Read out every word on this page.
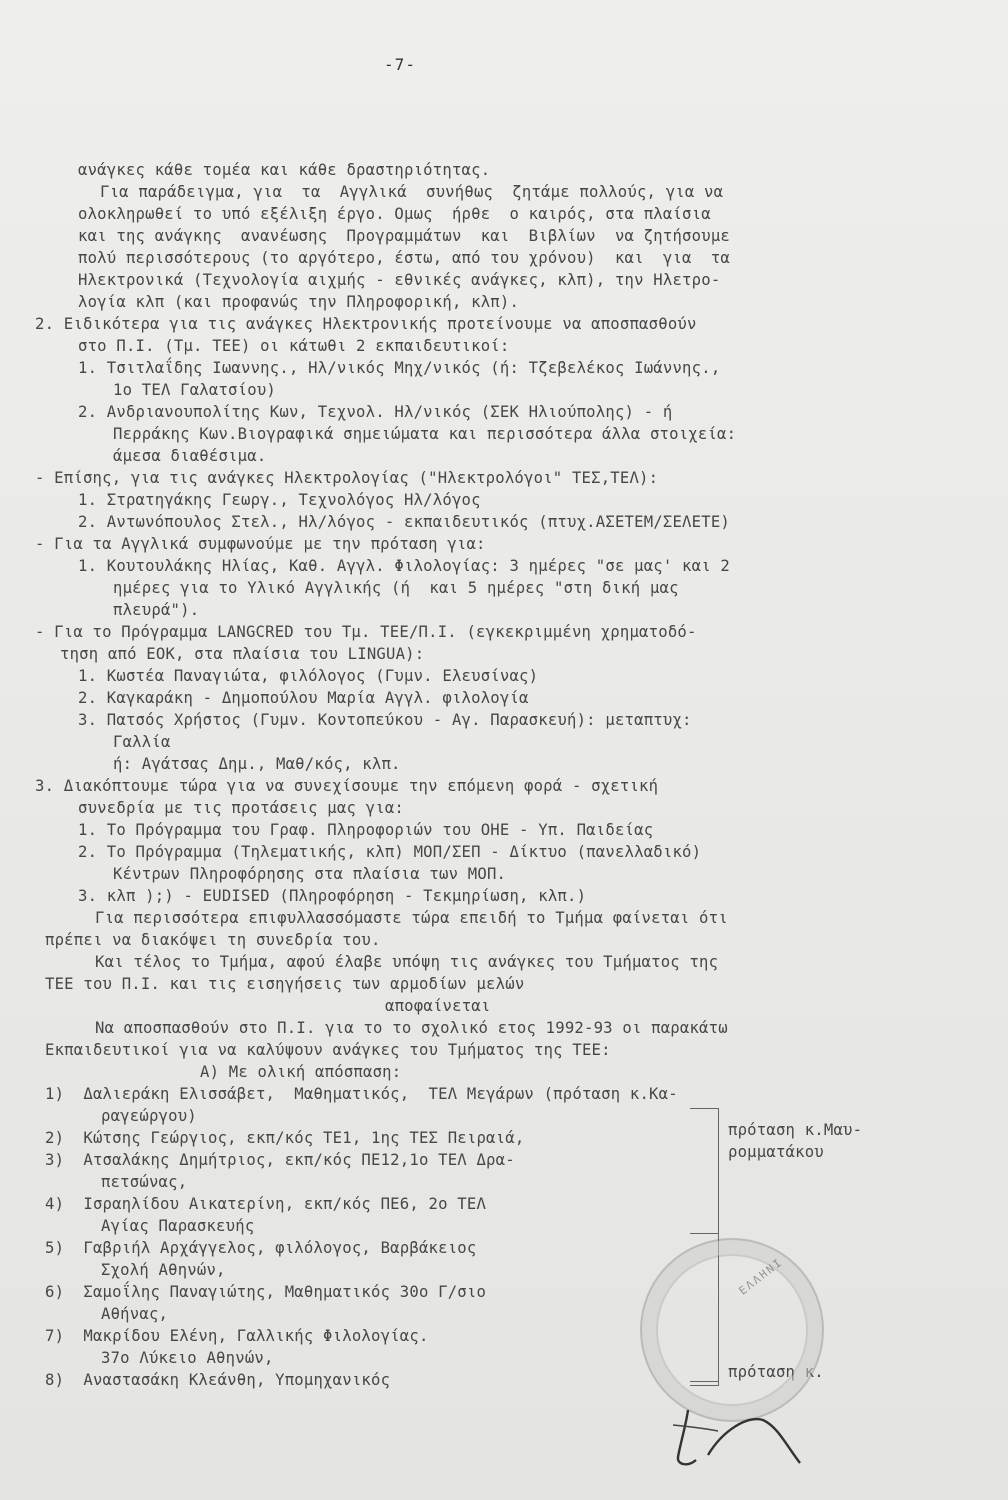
-7-
ανάγκες κάθε τομέα και κάθε δραστηριότητας.
Για παράδειγμα, για  τα  Αγγλικά  συνήθως  ζητάμε πολλούς, για να
ολοκληρωθεί το υπό εξέλιξη έργο. Ομως  ήρθε  ο καιρός, στα πλαίσια
και της ανάγκης  ανανέωσης  Προγραμμάτων  και  Βιβλίων  να ζητήσουμε
πολύ περισσότερους (το αργότερο, έστω, από του χρόνου)  και  για  τα
Ηλεκτρονικά (Τεχνολογία αιχμής - εθνικές ανάγκες, κλπ), την Ηλετρο-
λογία κλπ (και προφανώς την Πληροφορική, κλπ).
2. Ειδικότερα για τις ανάγκες Ηλεκτρονικής προτείνουμε να αποσπασθούν
στο Π.Ι. (Τμ. ΤΕΕ) οι κάτωθι 2 εκπαιδευτικοί:
1. Τσιτλαΐδης Ιωαννης., Ηλ/νικός Μηχ/νικός (ή: Τζεβελέκος Ιωάννης.,
1ο ΤΕΛ Γαλατσίου)
2. Ανδριανουπολίτης Κων, Τεχνολ. Ηλ/νικός (ΣΕΚ Ηλιούπολης) - ή
Περράκης Κων.Βιογραφικά σημειώματα και περισσότερα άλλα στοιχεία:
άμεσα διαθέσιμα.
- Επίσης, για τις ανάγκες Ηλεκτρολογίας ("Ηλεκτρολόγοι" ΤΕΣ,ΤΕΛ):
1. Στρατηγάκης Γεωργ., Τεχνολόγος Ηλ/λόγος
2. Αντωνόπουλος Στελ., Ηλ/λόγος - εκπαιδευτικός (πτυχ.ΑΣΕΤΕΜ/ΣΕΛΕΤΕ)
- Για τα Αγγλικά συμφωνούμε με την πρόταση για:
1. Κουτουλάκης Ηλίας, Καθ. Αγγλ. Φιλολογίας: 3 ημέρες "σε μας' και 2
ημέρες για το Υλικό Αγγλικής (ή  και 5 ημέρες "στη δική μας
πλευρά").
- Για το Πρόγραμμα LANGCRED του Τμ. ΤΕΕ/Π.Ι. (εγκεκριμμένη χρηματοδό-
τηση από ΕΟΚ, στα πλαίσια του LINGUA):
1. Κωστέα Παναγιώτα, φιλόλογος (Γυμν. Ελευσίνας)
2. Καγκαράκη - Δημοπούλου Μαρία Αγγλ. φιλολογία
3. Πατσός Χρήστος (Γυμν. Κοντοπεύκου - Αγ. Παρασκευή): μεταπτυχ:
Γαλλία
ή: Αγάτσας Δημ., Μαθ/κός, κλπ.
3. Διακόπτουμε τώρα για να συνεχίσουμε την επόμενη φορά - σχετική
συνεδρία με τις προτάσεις μας για:
1. Το Πρόγραμμα του Γραφ. Πληροφοριών του ΟΗΕ - Υπ. Παιδείας
2. Το Πρόγραμμα (Τηλεματικής, κλπ) ΜΟΠ/ΣΕΠ - Δίκτυο (πανελλαδικό)
Κέντρων Πληροφόρησης στα πλαίσια των ΜΟΠ.
3. κλπ );) - EUDISED (Πληροφόρηση - Τεκμηρίωση, κλπ.)
Για περισσότερα επιφυλλασσόμαστε τώρα επειδή το Τμήμα φαίνεται ότι
πρέπει να διακόψει τη συνεδρία του.
Και τέλος το Τμήμα, αφού έλαβε υπόψη τις ανάγκες του Τμήματος της
ΤΕΕ του Π.Ι. και τις εισηγήσεις των αρμοδίων μελών
αποφαίνεται
Να αποσπασθούν στο Π.Ι. για το το σχολικό ετος 1992-93 οι παρακάτω
Εκπαιδευτικοί για να καλύψουν ανάγκες του Τμήματος της ΤΕΕ:
Α) Με ολική απόσπαση:
1)  Δαλιεράκη Ελισσάβετ,  Μαθηματικός,  ΤΕΛ Μεγάρων (πρόταση κ.Κα-
ραγεώργου)
2)  Κώτσης Γεώργιος, εκπ/κός ΤΕ1, 1ης ΤΕΣ Πειραιά,
3)  Ατσαλάκης Δημήτριος, εκπ/κός ΠΕ12,1ο ΤΕΛ Δρα-
πετσώνας,
4)  Ισραηλίδου Αικατερίνη, εκπ/κός ΠΕ6, 2ο ΤΕΛ
Αγίας Παρασκευής
5)  Γαβριήλ Αρχάγγελος, φιλόλογος, Βαρβάκειος
Σχολή Αθηνών,
6)  Σαμοΐλης Παναγιώτης, Μαθηματικός 30ο Γ/σιο
Αθήνας,
7)  Μακρίδου Ελένη, Γαλλικής Φιλολογίας.
37ο Λύκειο Αθηνών,
8)  Αναστασάκη Κλεάνθη, Υπομηχανικός
πρόταση κ.Μαυ-
ρομματάκου
πρόταση κ.
ΕΛΛΗΝΙ
